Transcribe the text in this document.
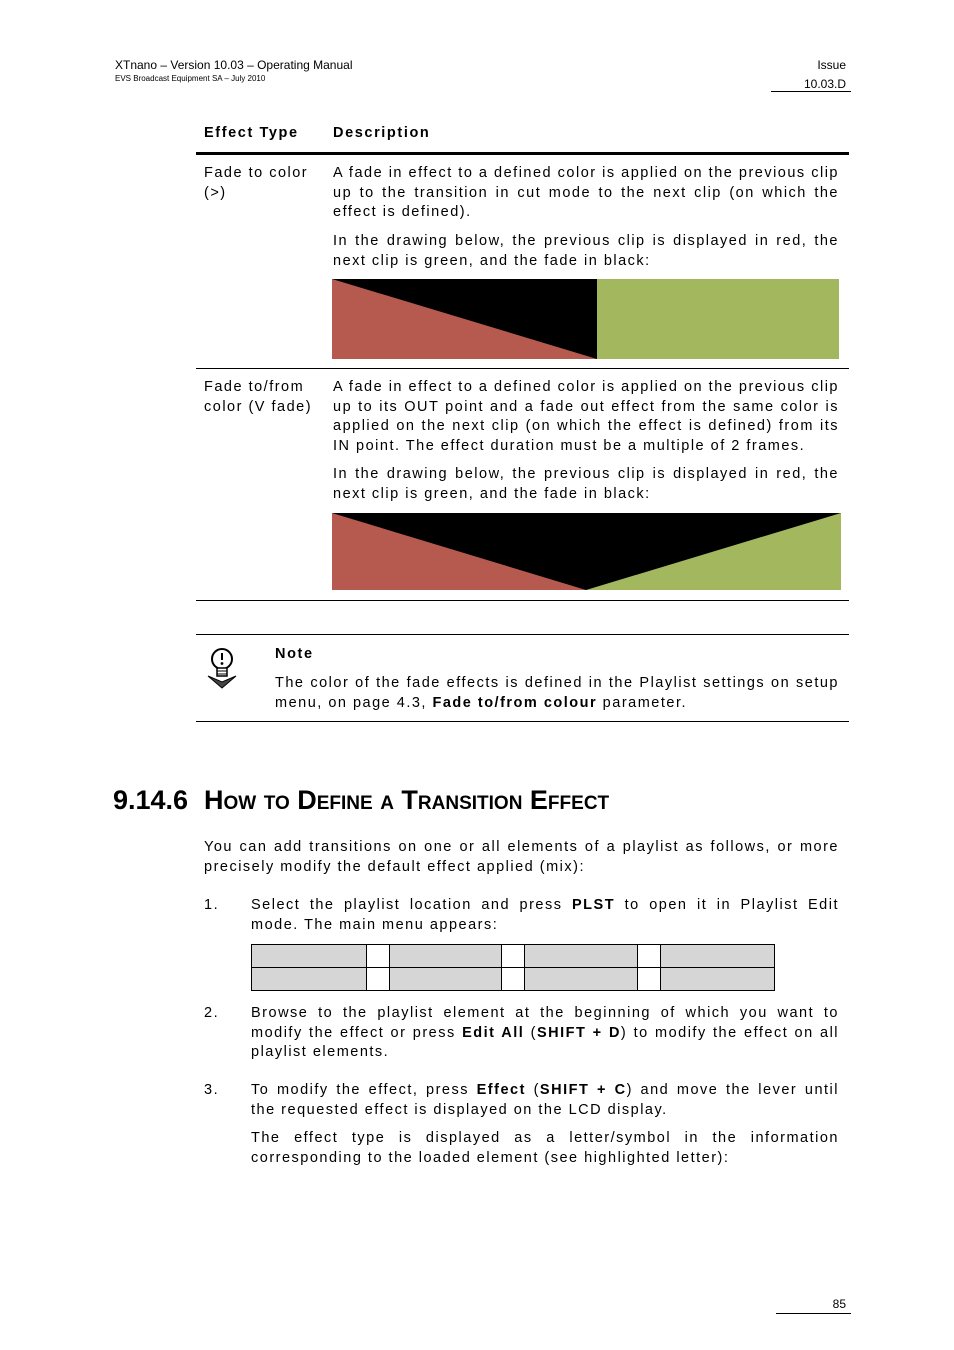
XTnano – Version 10.03 – Operating Manual
EVS Broadcast Equipment SA – July 2010
Issue
10.03.D
Effect Type Description
Fade to color
(>)
A fade in effect to a defined color is applied on the previous clip up to the transition in cut mode to the next clip (on which the effect is defined).
In the drawing below, the previous clip is displayed in red, the next clip is green, and the fade in black:
Fade to/from
color (V fade)
A fade in effect to a defined color is applied on the previous clip up to its OUT point and a fade out effect from the same color is applied on the next clip (on which the effect is defined) from its IN point. The effect duration must be a multiple of 2 frames.
In the drawing below, the previous clip is displayed in red, the next clip is green, and the fade in black:
Note
The color of the fade effects is defined in the Playlist settings on setup menu, on page 4.3, Fade to/from colour parameter.
9.14.6 How to Define a Transition Effect
You can add transitions on one or all elements of a playlist as follows, or more precisely modify the default effect applied (mix):
1. Select the playlist location and press PLST to open it in Playlist Edit mode. The main menu appears:

2. Browse to the playlist element at the beginning of which you want to modify the effect or press Edit All (SHIFT + D) to modify the effect on all playlist elements.
3. To modify the effect, press Effect (SHIFT + C) and move the lever until the requested effect is displayed on the LCD display.
The effect type is displayed as a letter/symbol in the information corresponding to the loaded element (see highlighted letter):
85
